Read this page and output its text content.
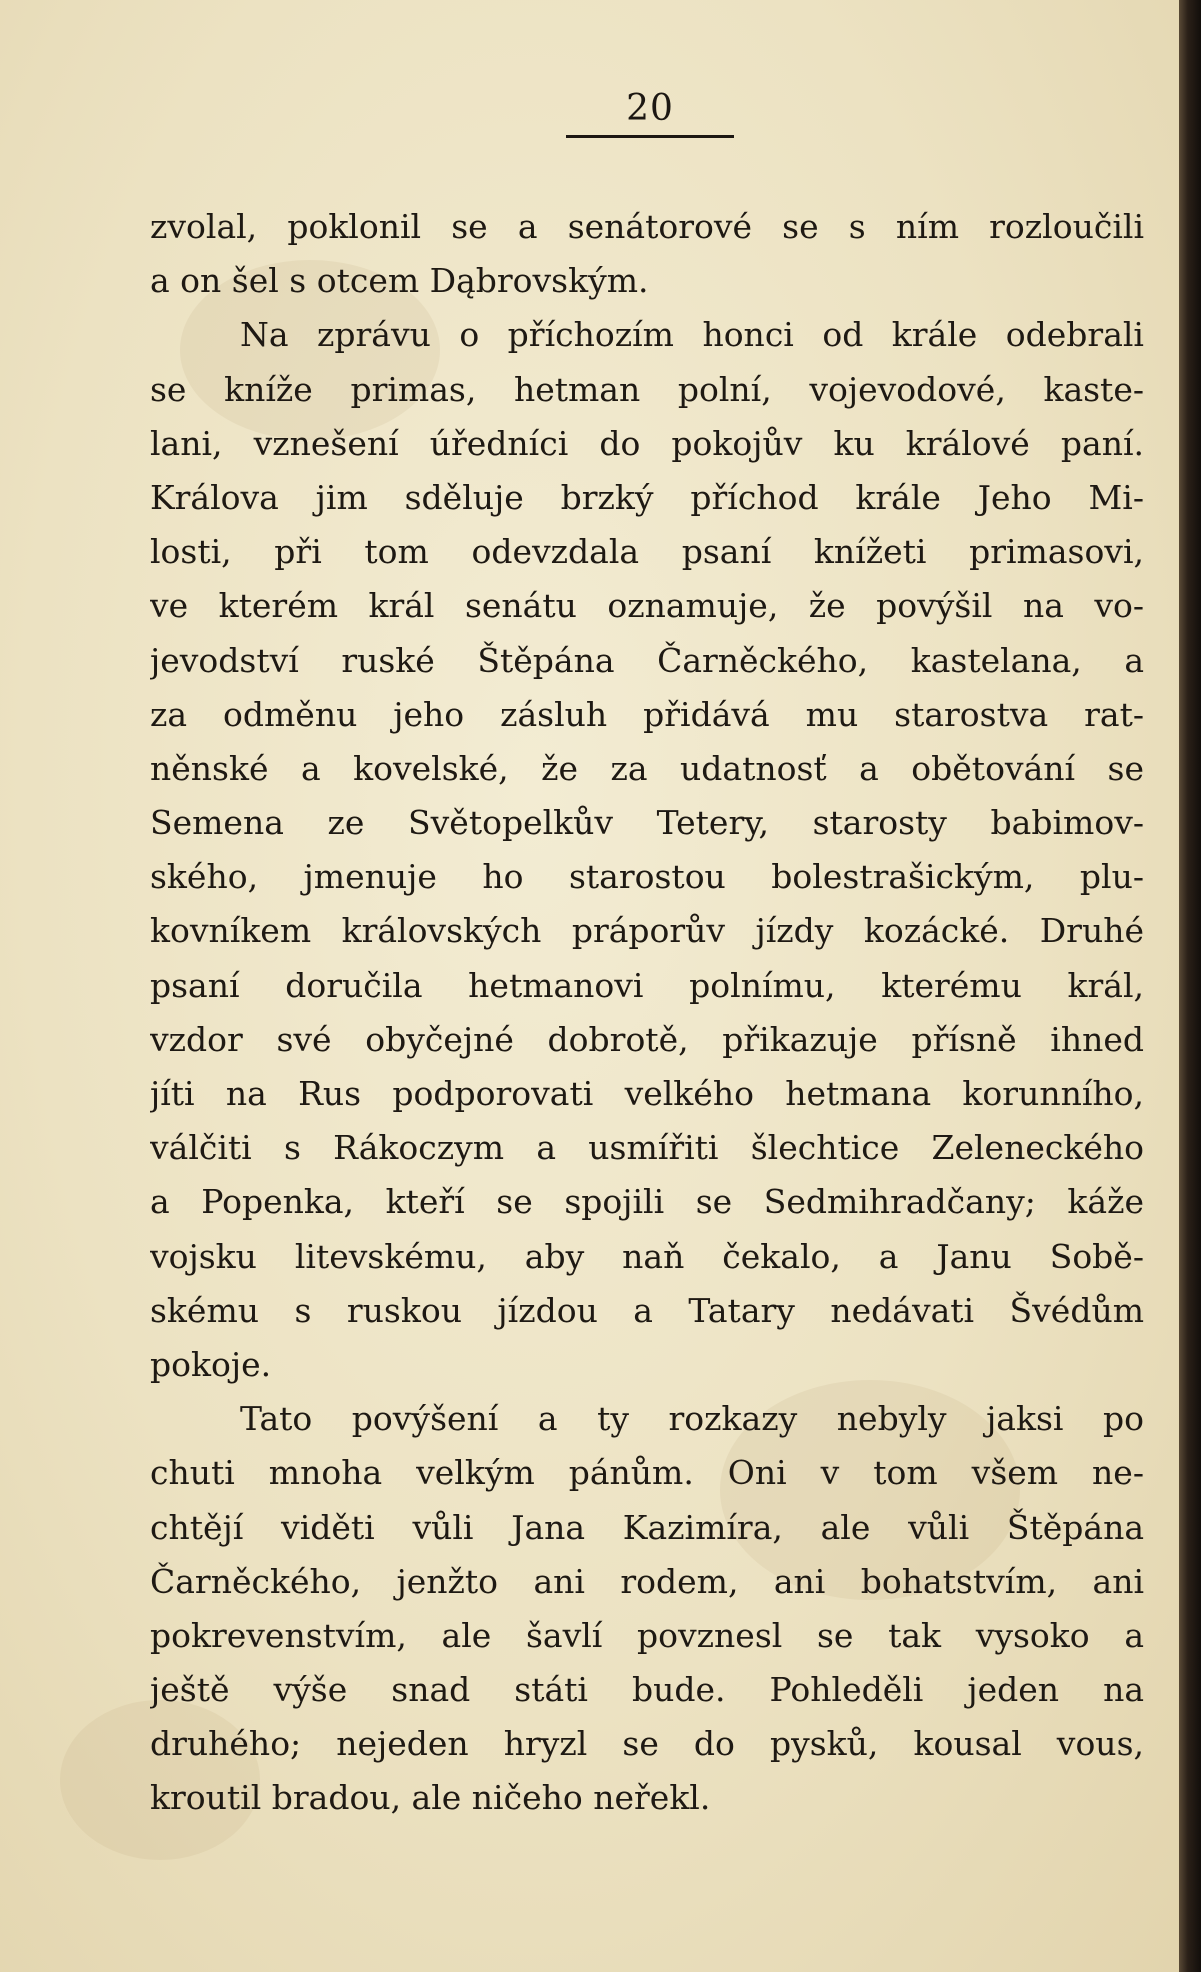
20
zvolal, poklonil se a senátorové se s ním rozloučili
a on šel s otcem Dąbrovským.
Na zprávu o příchozím honci od krále odebrali
se kníže primas, hetman polní, vojevodové, kaste-
lani, vznešení úředníci do pokojův ku králové paní.
Králova jim sděluje brzký příchod krále Jeho Mi-
losti, při tom odevzdala psaní knížeti primasovi,
ve kterém král senátu oznamuje, že povýšil na vo-
jevodství ruské Štěpána Čarněckého, kastelana, a
za odměnu jeho zásluh přidává mu starostva rat-
něnské a kovelské, že za udatnosť a obětování se
Semena ze Světopelkův Tetery, starosty babimov-
ského, jmenuje ho starostou bolestrašickým, plu-
kovníkem královských práporův jízdy kozácké. Druhé
psaní doručila hetmanovi polnímu, kterému král,
vzdor své obyčejné dobrotě, přikazuje přísně ihned
jíti na Rus podporovati velkého hetmana korunního,
válčiti s Rákoczym a usmířiti šlechtice Zeleneckého
a Popenka, kteří se spojili se Sedmihradčany; káže
vojsku litevskému, aby naň čekalo, a Janu Sobě-
skému s ruskou jízdou a Tatary nedávati Švédům
pokoje.
Tato povýšení a ty rozkazy nebyly jaksi po
chuti mnoha velkým pánům. Oni v tom všem ne-
chtějí viděti vůli Jana Kazimíra, ale vůli Štěpána
Čarněckého, jenžto ani rodem, ani bohatstvím, ani
pokrevenstvím, ale šavlí povznesl se tak vysoko a
ještě výše snad státi bude. Pohleděli jeden na
druhého; nejeden hryzl se do pysků, kousal vous,
kroutil bradou, ale ničeho neřekl.
